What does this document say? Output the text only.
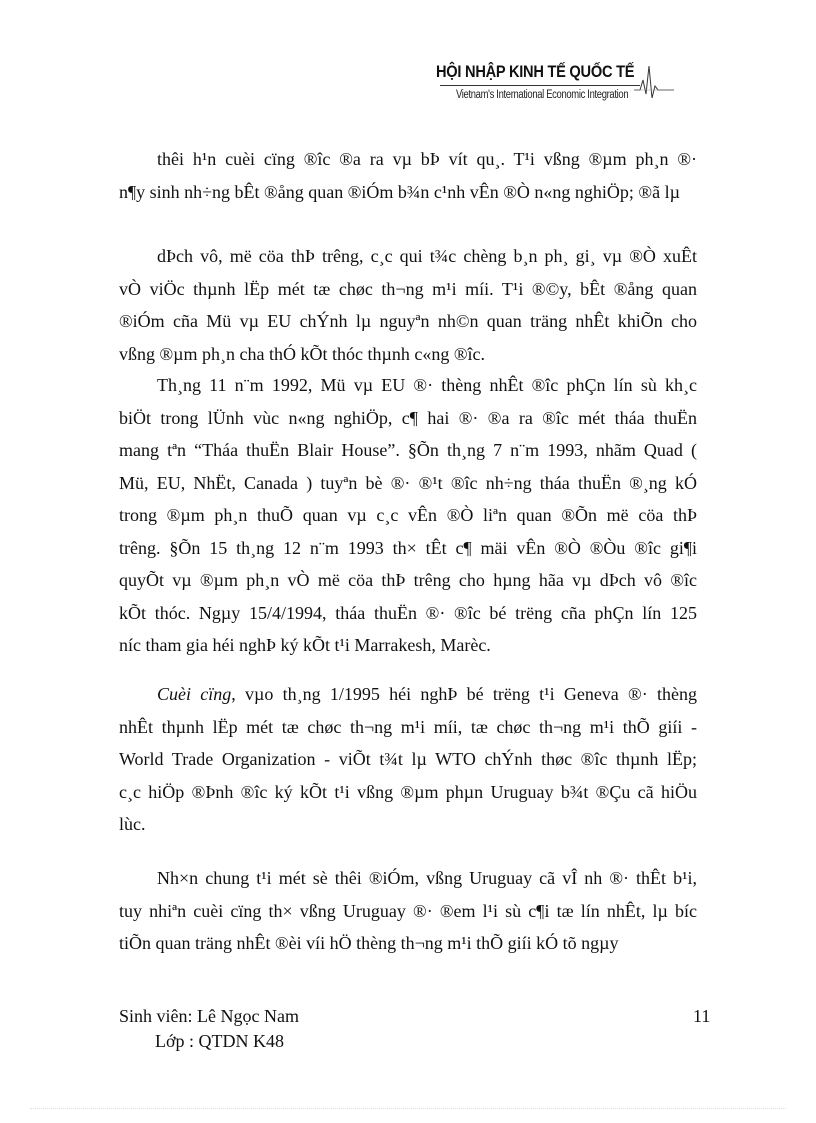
HỘI NHẬP KINH TẾ QUỐC TẾ
Vietnam's International Economic Integration
thêi h¹n cuèi cïng ®îc ®a ra vµ bÞ vít qu¸. T¹i vßng ®µm ph¸n ®·
n¶y sinh nh÷ng bÊt ®ång quan ®iÓm b¾n c¹nh vÊn ®Ò n«ng nghiÖp; ®ã lµ
dÞch vô, më cöa thÞ trêng, c¸c qui t¾c chèng b¸n ph¸ gi¸ vµ ®Ò xuÊt
vÒ viÖc thµnh lËp mét tæ chøc th¬ng m¹i míi. T¹i ®©y, bÊt ®ång quan
®iÓm cña Mü vµ EU chÝnh lµ nguyªn nh©n quan träng nhÊt khiÕn cho
vßng ®µm ph¸n cha thÓ kÕt thóc thµnh c«ng ®îc.
Th¸ng 11 n¨m 1992, Mü vµ EU ®· thèng nhÊt ®îc phÇn lín sù kh¸c
biÖt trong lÜnh vùc n«ng nghiÖp, c¶ hai ®· ®a ra ®îc mét tháa thuËn
mang tªn “Tháa thuËn Blair House”. §Õn th¸ng 7 n¨m 1993, nhãm Quad (
Mü, EU, NhËt, Canada ) tuyªn bè ®· ®¹t ®îc nh÷ng tháa thuËn ®¸ng kÓ
trong ®µm ph¸n thuÕ quan vµ c¸c vÊn ®Ò liªn quan ®Õn më cöa thÞ
trêng. §Õn 15 th¸ng 12 n¨m 1993 th× tÊt c¶ mäi vÊn ®Ò ®Òu ®îc gi¶i
quyÕt vµ ®µm ph¸n vÒ më cöa thÞ trêng cho hµng hãa vµ dÞch vô ®îc
kÕt thóc. Ngµy 15/4/1994, tháa thuËn ®· ®îc bé trëng cña phÇn lín 125
níc tham gia héi nghÞ ký kÕt t¹i Marrakesh, Marèc.
Cuèi cïng, vµo th¸ng 1/1995 héi nghÞ bé trëng t¹i Geneva ®· thèng
nhÊt thµnh lËp mét tæ chøc th¬ng m¹i míi, tæ chøc th¬ng m¹i thÕ giíi -
World Trade Organization - viÕt t¾t lµ WTO chÝnh thøc ®îc thµnh lËp;
c¸c hiÖp ®Þnh ®îc ký kÕt t¹i vßng ®µm phµn Uruguay b¾t ®Çu cã hiÖu
lùc.
Nh×n chung t¹i mét sè thêi ®iÓm, vßng Uruguay cã vÎ nh ®· thÊt b¹i,
tuy nhiªn cuèi cïng th× vßng Uruguay ®· ®em l¹i sù c¶i tæ lín nhÊt, lµ bíc
tiÕn quan träng nhÊt ®èi víi hÖ thèng th¬ng m¹i thÕ giíi kÓ tõ ngµy
Sinh viên: Lê Ngọc Nam
Lớp : QTDN K48
11
